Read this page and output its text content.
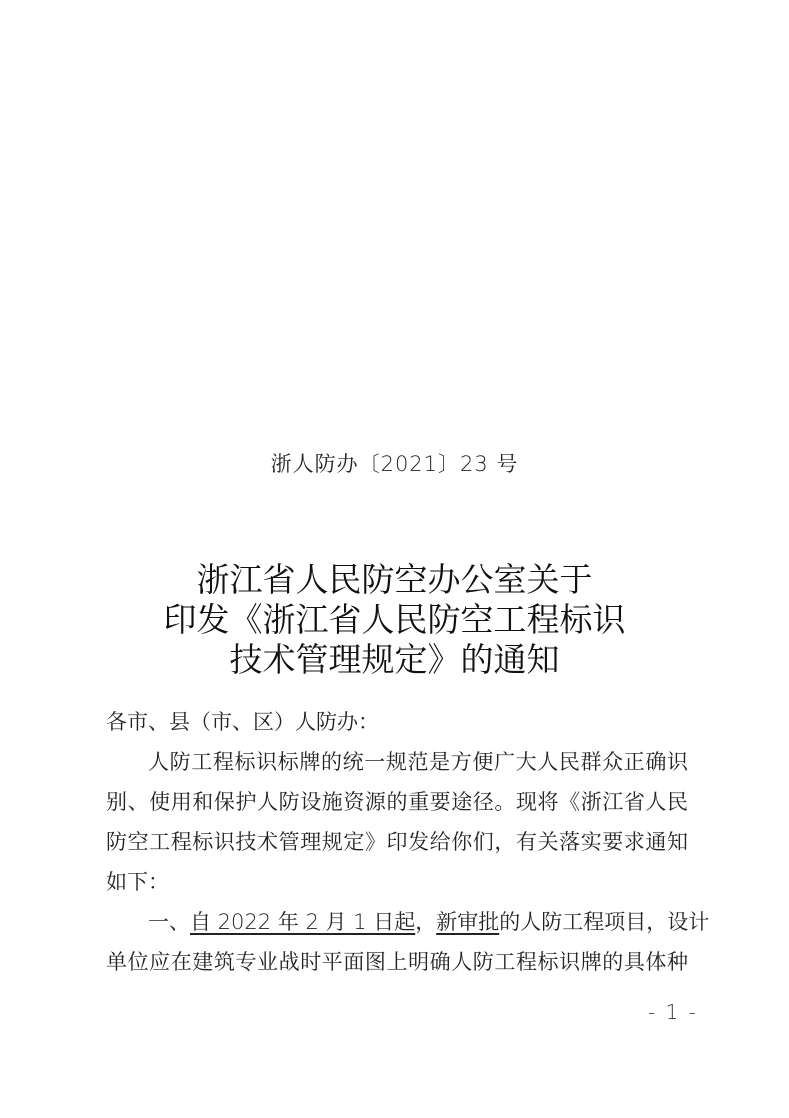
浙人防办〔2021〕23 号
浙江省人民防空办公室关于
印发《浙江省人民防空工程标识
技术管理规定》的通知
各市、县（市、区）人防办：
人防工程标识标牌的统一规范是方便广大人民群众正确识
别、使用和保护人防设施资源的重要途径。现将《浙江省人民
防空工程标识技术管理规定》印发给你们，有关落实要求通知
如下：
一、自 2022 年 2 月 1 日起，新审批的人防工程项目，设计
单位应在建筑专业战时平面图上明确人防工程标识牌的具体种
- 1 -
